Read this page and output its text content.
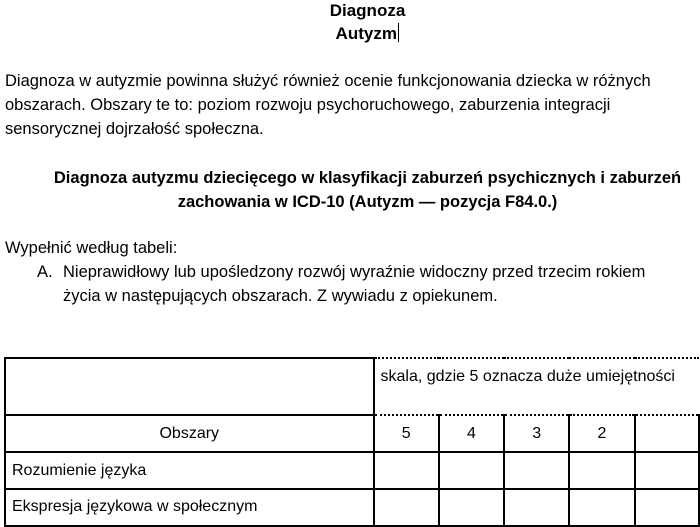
Diagnoza
Autyzm
Diagnoza w autyzmie powinna służyć również ocenie funkcjonowania dziecka w różnych
obszarach. Obszary te to: poziom rozwoju psychoruchowego, zaburzenia integracji
sensorycznej dojrzałość społeczna.
Diagnoza autyzmu dziecięcego w klasyfikacji zaburzeń psychicznych i zaburzeń
zachowania w ICD-10 (Autyzm — pozycja F84.0.)
Wypełnić według tabeli:
A. Nieprawidłowy lub upośledzony rozwój wyraźnie widoczny przed trzecim rokiem
życia w następujących obszarach. Z wywiadu z opiekunem.
	skala, gdzie 5 oznacza duże umiejętności				
Obszary	5	4	3	2	
Rozumienie języka					
Ekspresja językowa w społecznym					
